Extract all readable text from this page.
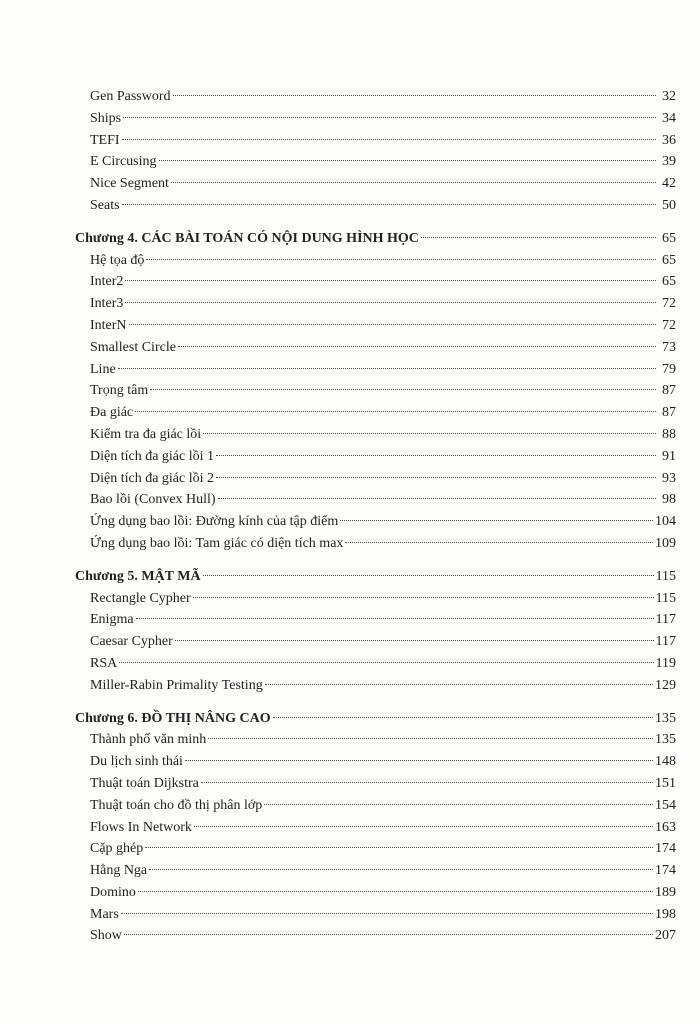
Gen Password	32
Ships	34
TEFI	36
E Circusing	39
Nice Segment	42
Seats	50
Chương 4. CÁC BÀI TOÁN CÓ NỘI DUNG HÌNH HỌC	65
Hệ tọa độ	65
Inter2	65
Inter3	72
InterN	72
Smallest Circle	73
Line	79
Trọng tâm	87
Đa giác	87
Kiểm tra đa giác lồi	88
Diện tích đa giác lồi 1	91
Diện tích đa giác lồi 2	93
Bao lồi (Convex Hull)	98
Ứng dụng bao lồi: Đường kính của tập điểm	104
Ứng dụng bao lồi: Tam giác có diện tích max	109
Chương 5. MẬT MÃ	115
Rectangle Cypher	115
Enigma	117
Caesar Cypher	117
RSA	119
Miller-Rabin Primality Testing	129
Chương 6. ĐỒ THỊ NÂNG CAO	135
Thành phố văn minh	135
Du lịch sinh thái	148
Thuật toán Dijkstra	151
Thuật toán cho đồ thị phân lớp	154
Flows In Network	163
Cặp ghép	174
Hằng Nga	174
Domino	189
Mars	198
Show	207
